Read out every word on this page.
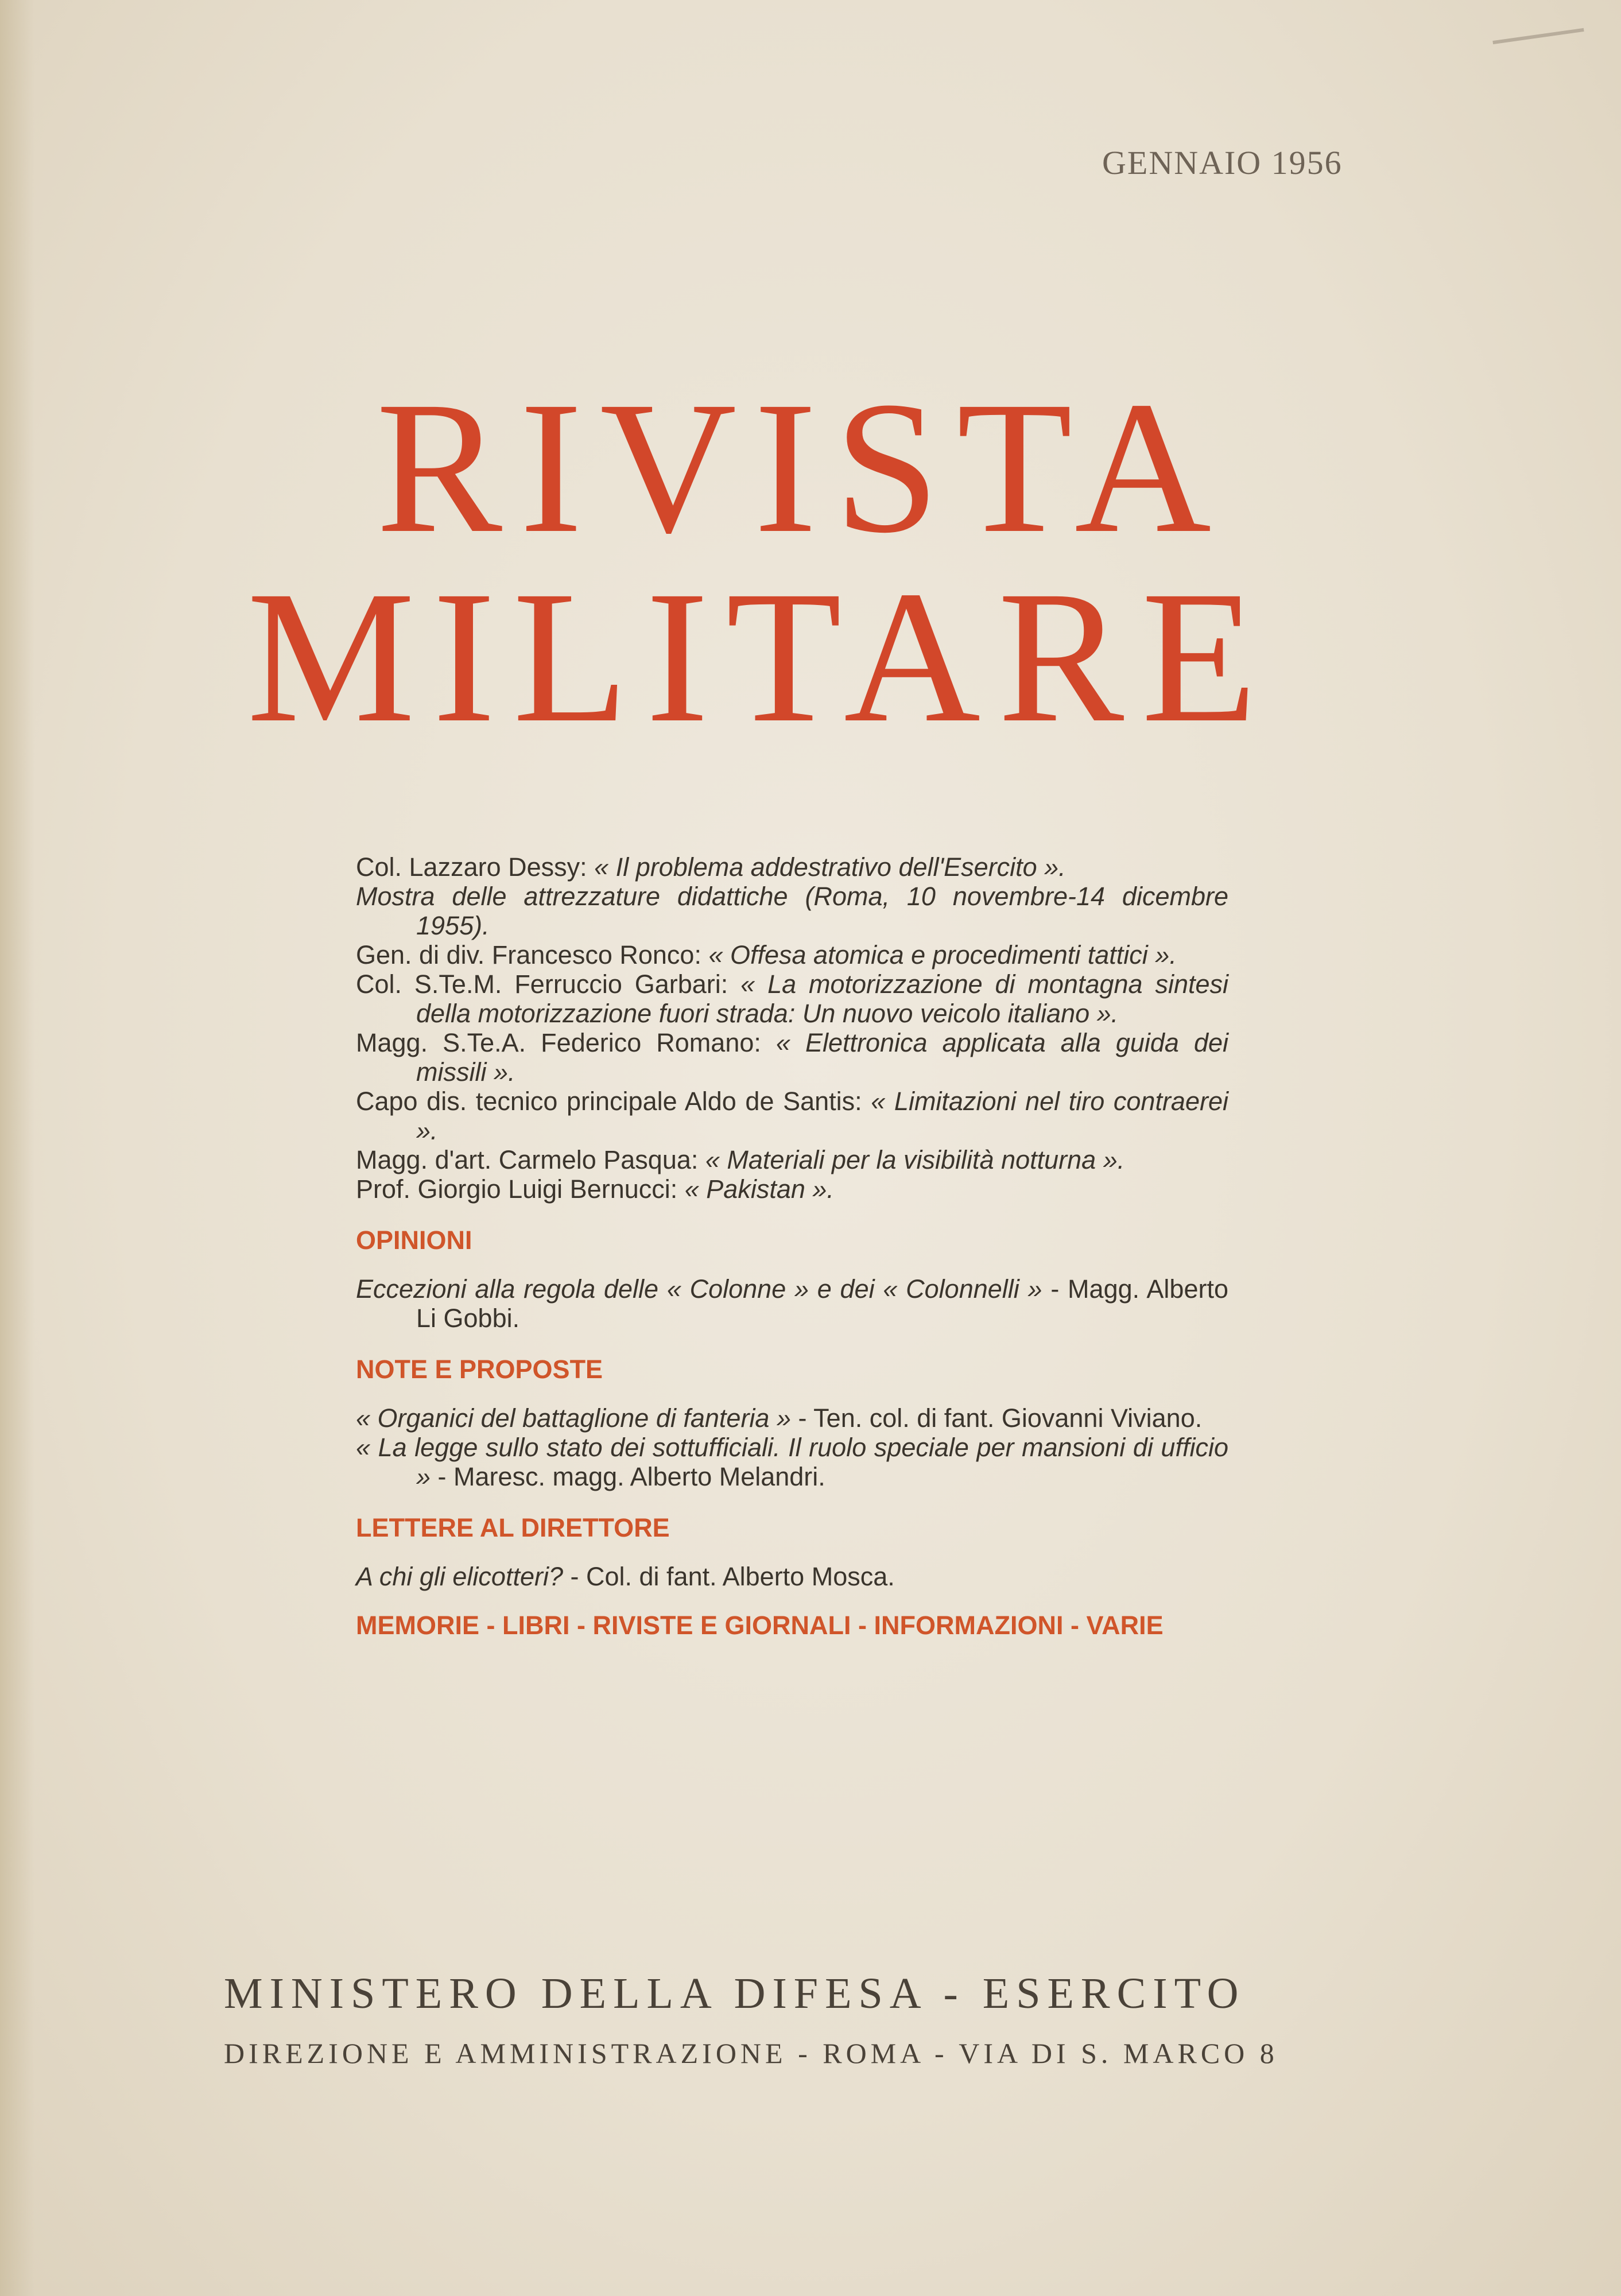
GENNAIO 1956
RIVISTA
MILITARE

Col. Lazzaro Dessy: « Il problema addestrativo dell'Esercito ».

Mostra delle attrezzature didattiche (Roma, 10 novembre-14 dicembre 1955).

Gen. di div. Francesco Ronco: « Offesa atomica e procedimenti tattici ».

Col. S.Te.M. Ferruccio Garbari: « La motorizzazione di montagna sintesi della motorizzazione fuori strada: Un nuovo veicolo italiano ».

Magg. S.Te.A. Federico Romano: « Elettronica applicata alla guida dei missili ».

Capo dis. tecnico principale Aldo de Santis: « Limitazioni nel tiro contraerei ».

Magg. d'art. Carmelo Pasqua: « Materiali per la visibilità notturna ».

Prof. Giorgio Luigi Bernucci: « Pakistan ».

OPINIONI

Eccezioni alla regola delle « Colonne » e dei « Colonnelli » - Magg. Alberto Li Gobbi.

NOTE E PROPOSTE

« Organici del battaglione di fanteria » - Ten. col. di fant. Giovanni Viviano.

« La legge sullo stato dei sottufficiali. Il ruolo speciale per mansioni di ufficio » - Maresc. magg. Alberto Melandri.

LETTERE AL DIRETTORE

A chi gli elicotteri? - Col. di fant. Alberto Mosca.

MEMORIE - LIBRI - RIVISTE E GIORNALI - INFORMAZIONI - VARIE
MINISTERO DELLA DIFESA - ESERCITO
DIREZIONE E AMMINISTRAZIONE - ROMA - VIA DI S. MARCO 8
